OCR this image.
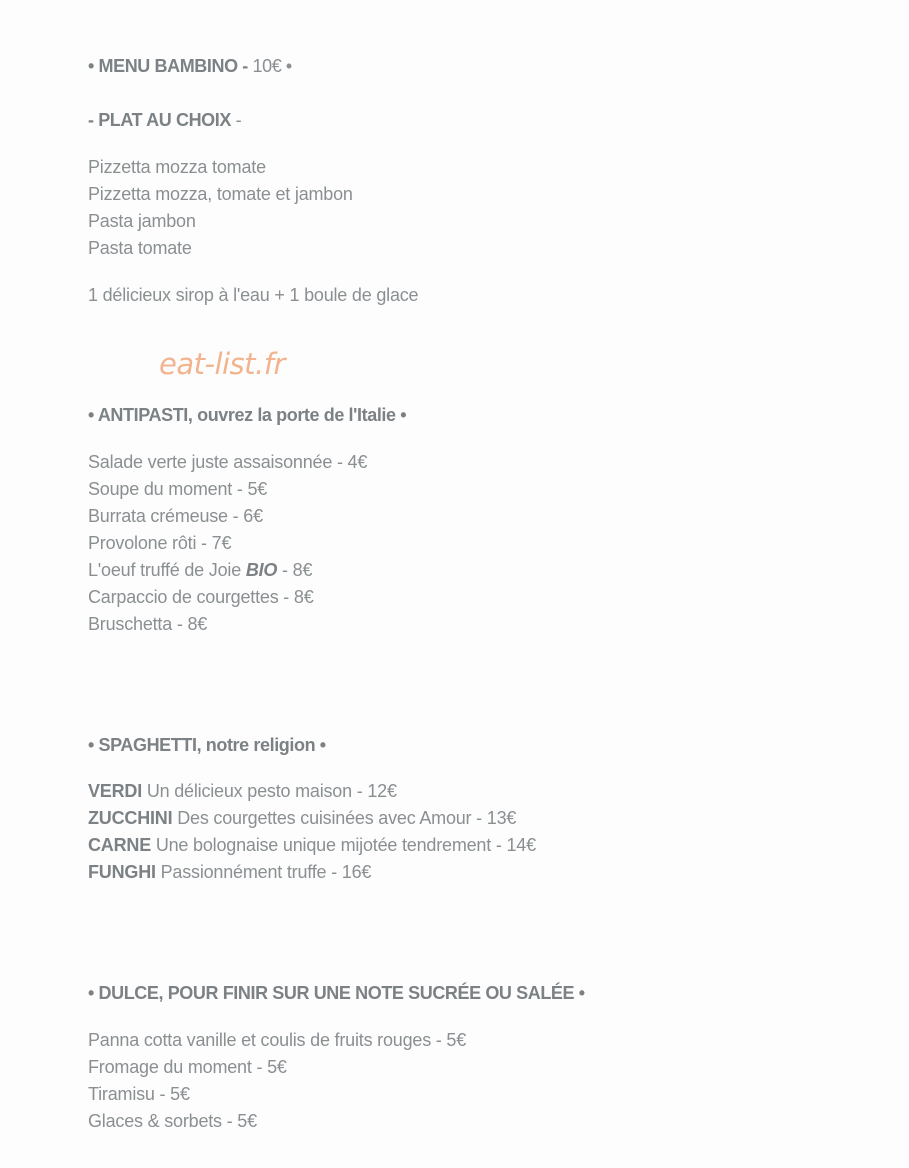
• MENU BAMBINO - 10€ •
- PLAT AU CHOIX -
Pizzetta mozza tomate
Pizzetta mozza, tomate et jambon
Pasta jambon
Pasta tomate
1 délicieux sirop à l'eau + 1 boule de glace
• ANTIPASTI, ouvrez la porte de l'Italie •
Salade verte juste assaisonnée - 4€
Soupe du moment - 5€
Burrata crémeuse - 6€
Provolone rôti - 7€
L'oeuf truffé de Joie BIO - 8€
Carpaccio de courgettes - 8€
Bruschetta - 8€
• SPAGHETTI, notre religion •
VERDI Un délicieux pesto maison - 12€
ZUCCHINI Des courgettes cuisinées avec Amour - 13€
CARNE Une bolognaise unique mijotée tendrement - 14€
FUNGHI Passionnément truffe - 16€
• DULCE, POUR FINIR SUR UNE NOTE SUCRÉE OU SALÉE •
Panna cotta vanille et coulis de fruits rouges - 5€
Fromage du moment - 5€
Tiramisu - 5€
Glaces & sorbets - 5€
eat-list.fr
